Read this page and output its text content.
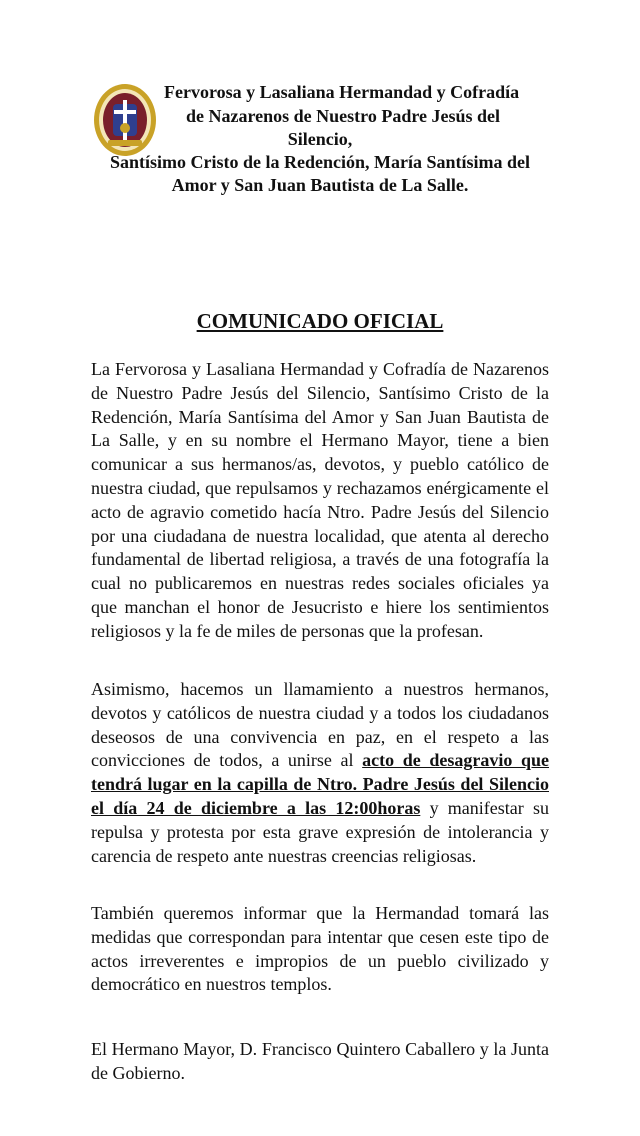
Fervorosa y Lasaliana Hermandad y Cofradía
de Nazarenos de Nuestro Padre Jesús del
Silencio,
Santísimo Cristo de la Redención, María Santísima del
Amor y San Juan Bautista de La Salle.
COMUNICADO OFICIAL
La Fervorosa y Lasaliana Hermandad y Cofradía de Nazarenos de Nuestro Padre Jesús del Silencio, Santísimo Cristo de la Redención, María Santísima del Amor y San Juan Bautista de La Salle, y en su nombre el Hermano Mayor, tiene a bien comunicar a sus hermanos/as, devotos, y pueblo católico de nuestra ciudad, que repulsamos y rechazamos enérgicamente el acto de agravio cometido hacía Ntro. Padre Jesús del Silencio por una ciudadana de nuestra localidad, que atenta al derecho fundamental de libertad religiosa, a través de una fotografía la cual no publicaremos en nuestras redes sociales oficiales ya que manchan el honor de Jesucristo e hiere los sentimientos religiosos y la fe de miles de personas que la profesan.
Asimismo, hacemos un llamamiento a nuestros hermanos, devotos y católicos de nuestra ciudad y a todos los ciudadanos deseosos de una convivencia en paz, en el respeto a las convicciones de todos, a unirse al acto de desagravio que tendrá lugar en la capilla de Ntro. Padre Jesús del Silencio el día 24 de diciembre a las 12:00horas y manifestar su repulsa y protesta por esta grave expresión de intolerancia y carencia de respeto ante nuestras creencias religiosas.
También queremos informar que la Hermandad tomará las medidas que correspondan para intentar que cesen este tipo de actos irreverentes e impropios de un pueblo civilizado y democrático en nuestros templos.
El Hermano Mayor, D. Francisco Quintero Caballero y la Junta de Gobierno.
